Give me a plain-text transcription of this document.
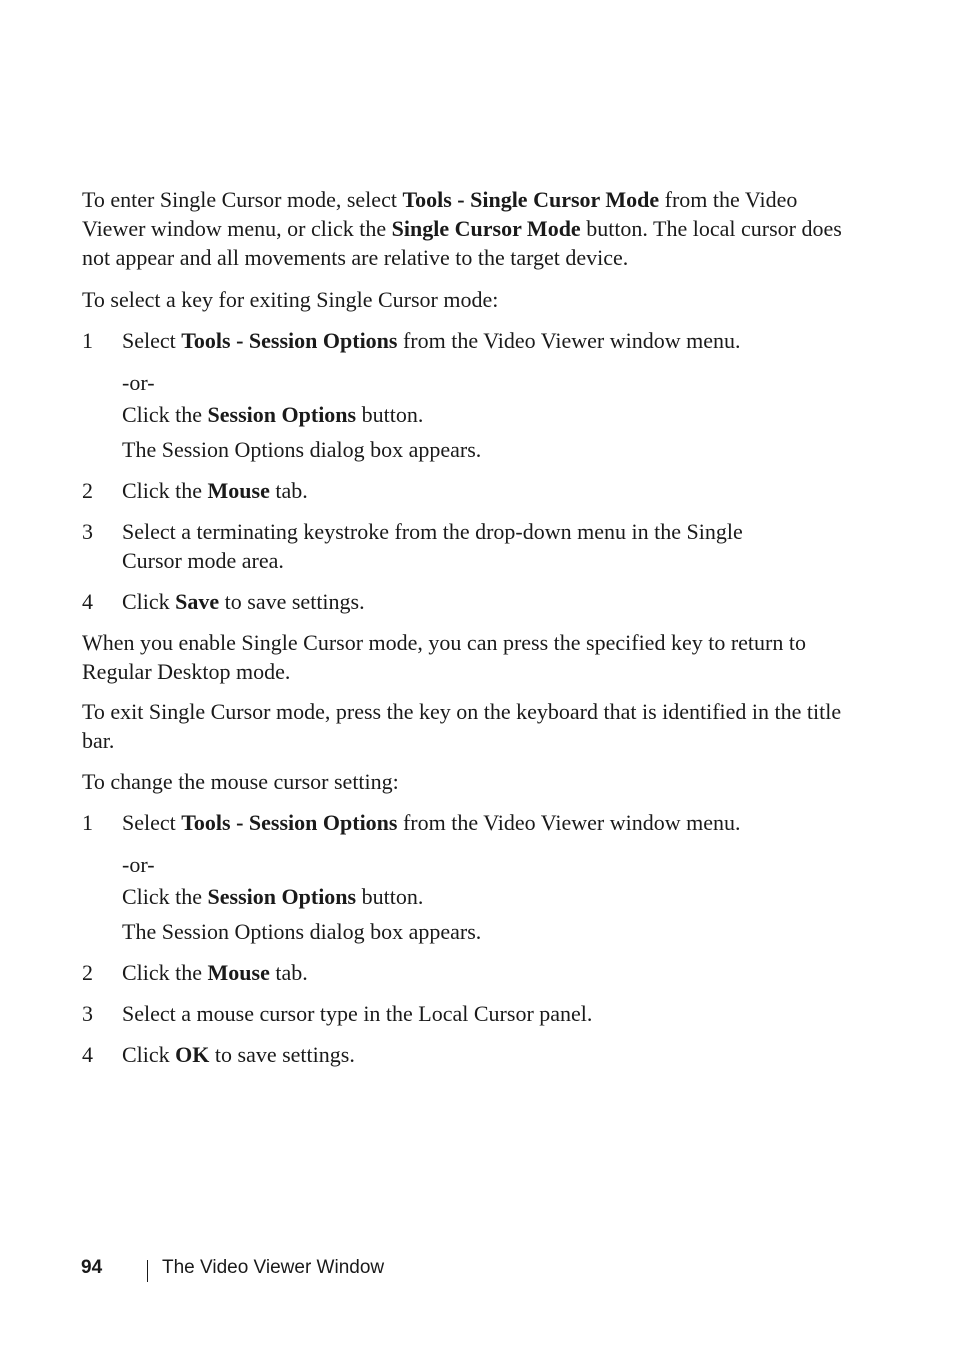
To enter Single Cursor mode, select Tools - Single Cursor Mode from the Video Viewer window menu, or click the Single Cursor Mode button. The local cursor does not appear and all movements are relative to the target device.

To select a key for exiting Single Cursor mode:

1	Select Tools - Session Options from the Video Viewer window menu.

-or-

Click the Session Options button.

The Session Options dialog box appears.

2	Click the Mouse tab.

3	Select a terminating keystroke from the drop-down menu in the Single Cursor mode area.

4	Click Save to save settings.

When you enable Single Cursor mode, you can press the specified key to return to Regular Desktop mode.

To exit Single Cursor mode, press the key on the keyboard that is identified in the title bar.

To change the mouse cursor setting:

1	Select Tools - Session Options from the Video Viewer window menu.

-or-

Click the Session Options button.

The Session Options dialog box appears.

2	Click the Mouse tab.

3	Select a mouse cursor type in the Local Cursor panel.

4	Click OK to save settings.

94	The Video Viewer Window
